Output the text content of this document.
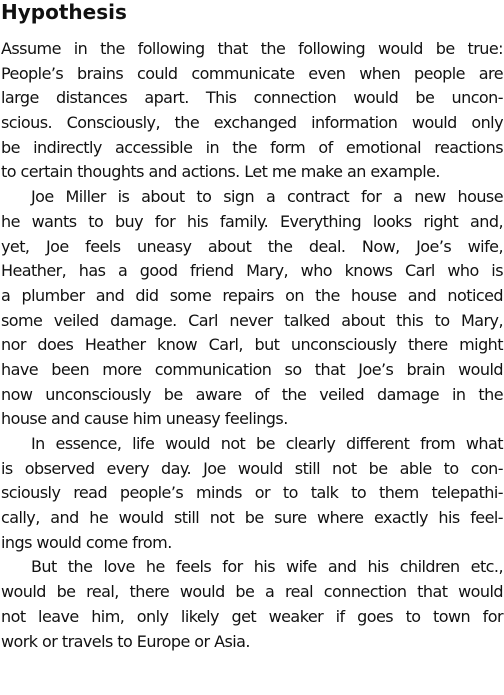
Hypothesis
Assume in the following that the following would be true:
People’s brains could communicate even when people are
large distances apart. This connection would be uncon-
scious. Consciously, the exchanged information would only
be indirectly accessible in the form of emotional reactions
to certain thoughts and actions. Let me make an example.
Joe Miller is about to sign a contract for a new house
he wants to buy for his family. Everything looks right and,
yet, Joe feels uneasy about the deal. Now, Joe’s wife,
Heather, has a good friend Mary, who knows Carl who is
a plumber and did some repairs on the house and noticed
some veiled damage. Carl never talked about this to Mary,
nor does Heather know Carl, but unconsciously there might
have been more communication so that Joe’s brain would
now unconsciously be aware of the veiled damage in the
house and cause him uneasy feelings.
In essence, life would not be clearly different from what
is observed every day. Joe would still not be able to con-
sciously read people’s minds or to talk to them telepathi-
cally, and he would still not be sure where exactly his feel-
ings would come from.
But the love he feels for his wife and his children etc.,
would be real, there would be a real connection that would
not leave him, only likely get weaker if goes to town for
work or travels to Europe or Asia.
